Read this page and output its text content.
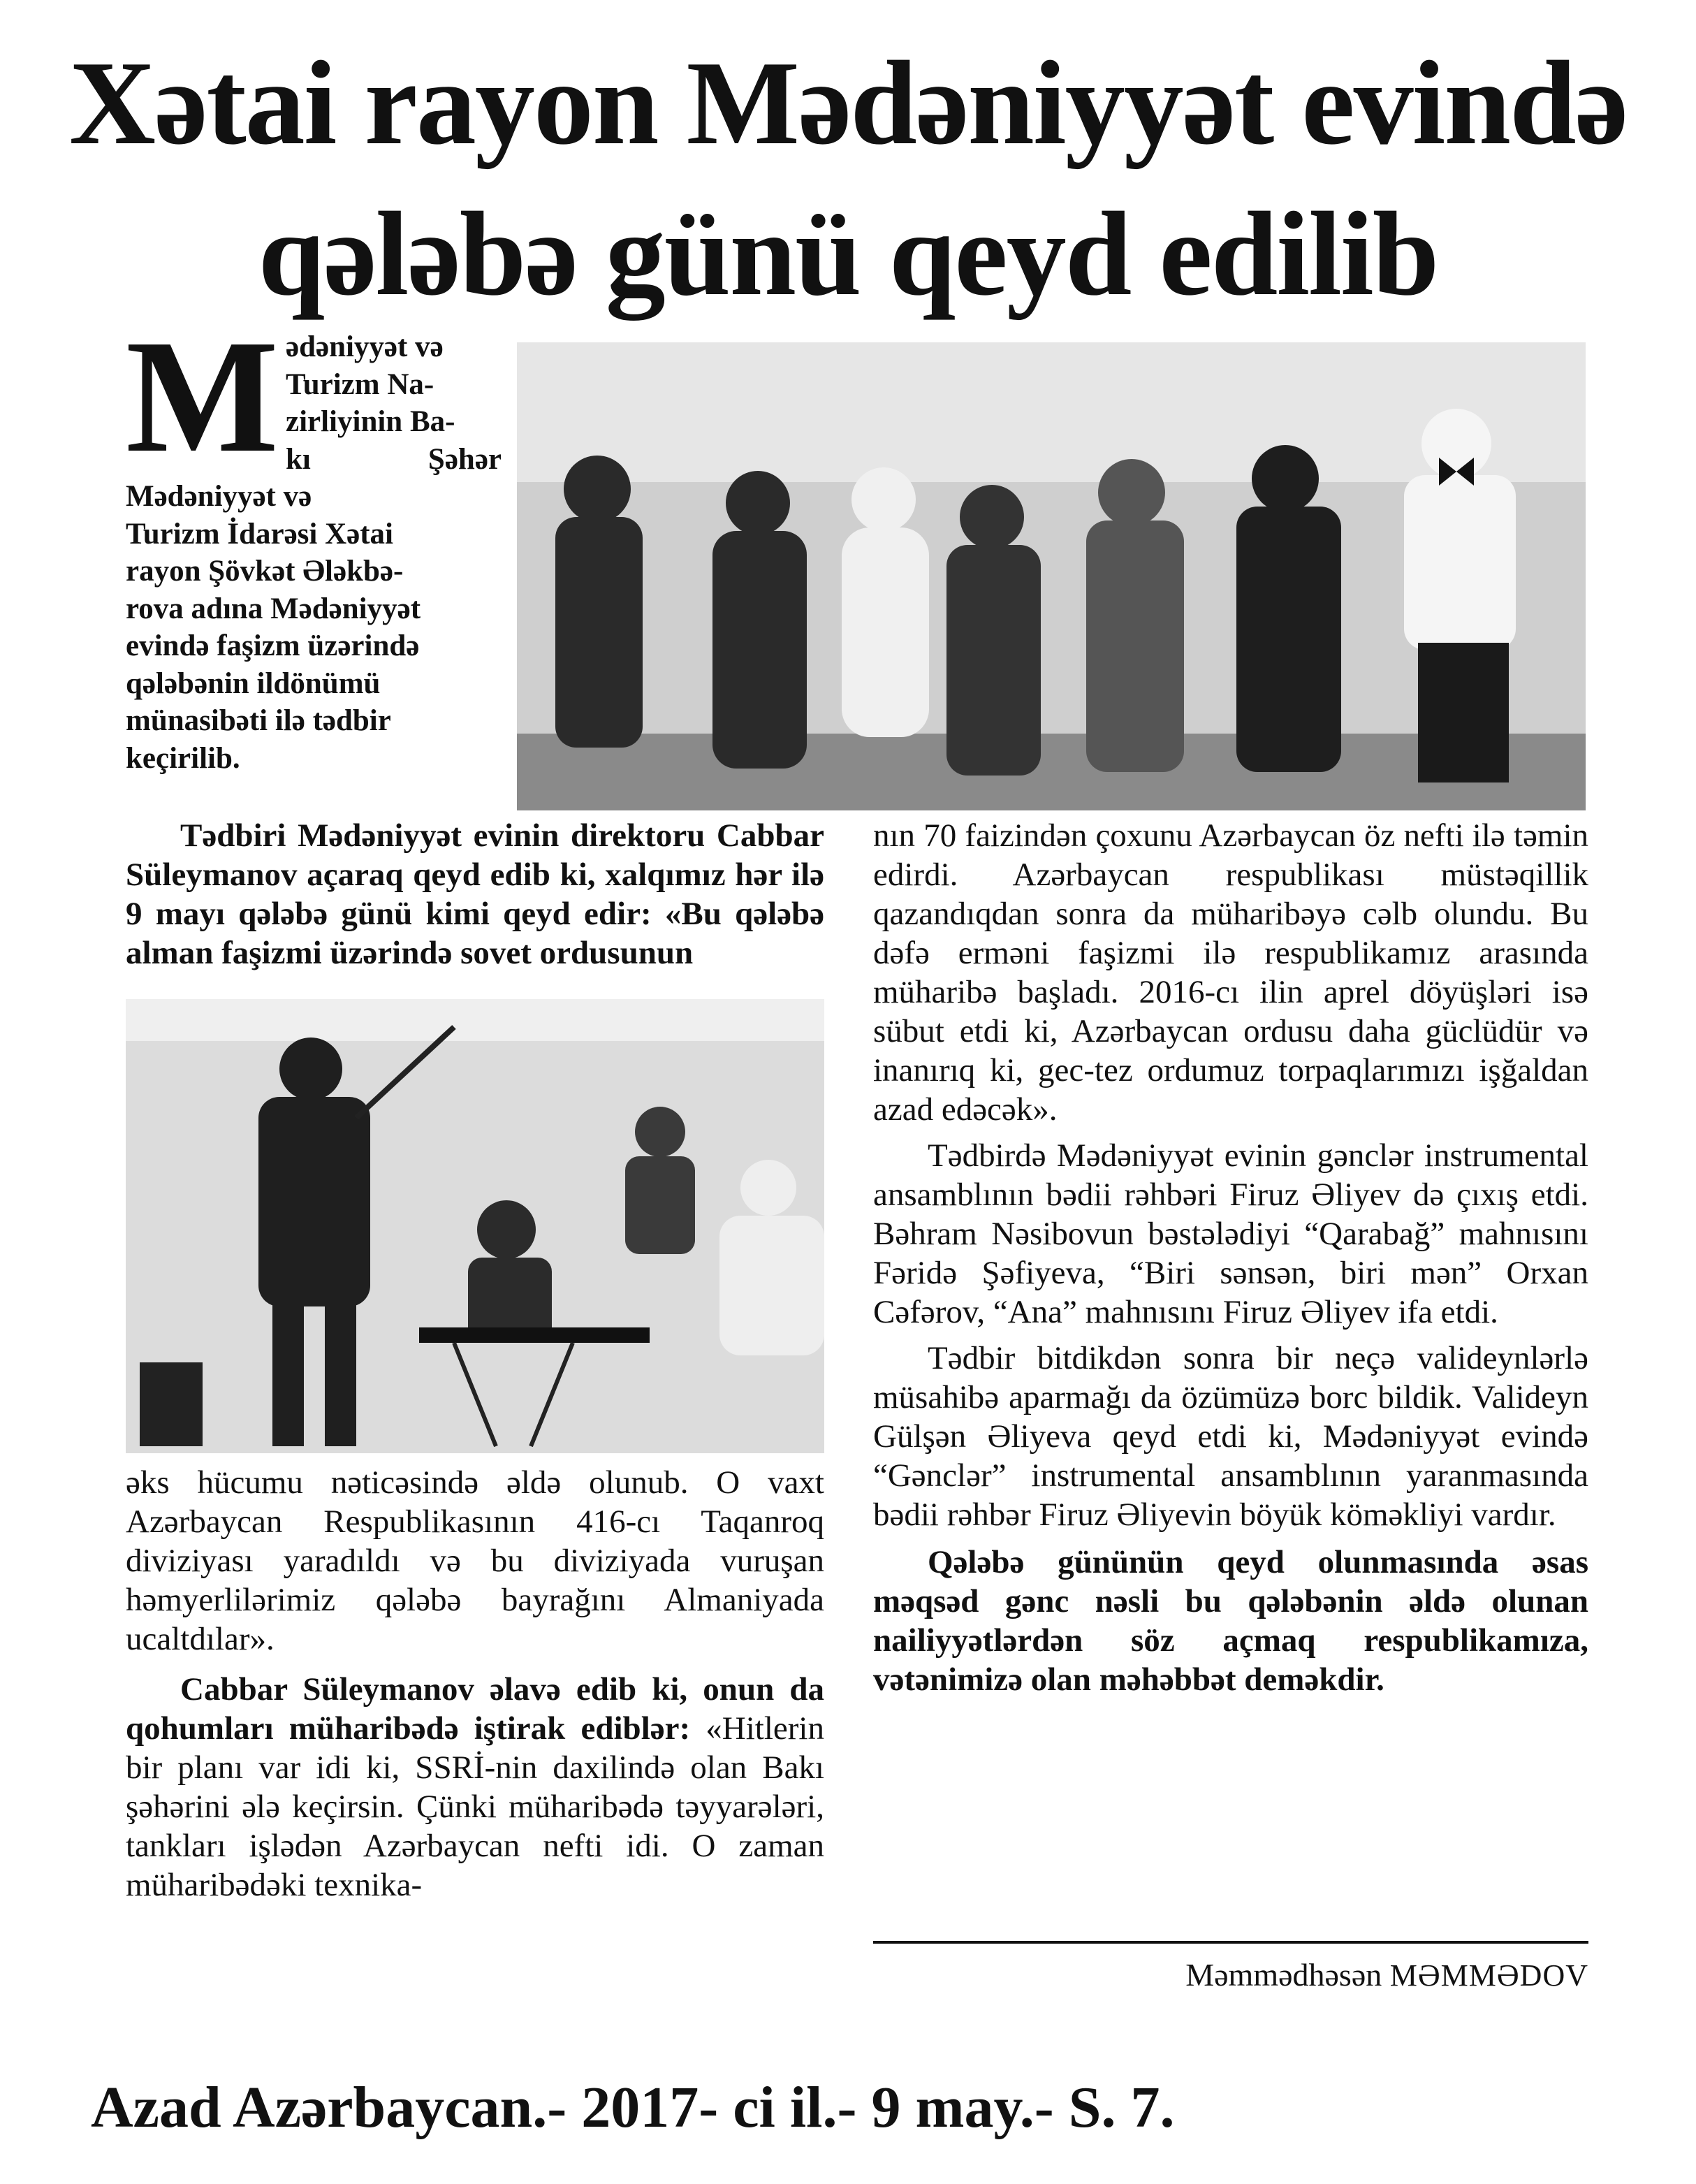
Xətai rayon Mədəniyyət evində
qələbə günü qeyd edilib
M ədəniyyət və
Turizm Na-
zirliyinin Ba-
kı Şəhər Mədəniyyət və
Turizm İdarəsi Xətai
rayon Şövkət Ələkbə-
rova adına Mədəniyyət
evində faşizm üzərində
qələbənin ildönümü
münasibəti ilə tədbir
keçirilib.

Tədbiri Mədəniyyət evinin direktoru Cabbar Süleymanov açaraq qeyd edib ki, xalqımız hər ilə 9 mayı qələbə günü kimi qeyd edir: «Bu qələbə alman faşizmi üzərində sovet ordusunun

əks hücumu nəticəsində əldə olunub. O vaxt Azərbaycan Respublikasının 416-cı Taqanroq diviziyası yaradıldı və bu diviziyada vuruşan həmyerlilərimiz qələbə bayrağını Almaniyada ucaltdılar».

Cabbar Süleymanov əlavə edib ki, onun da qohumları müharibədə iştirak ediblər: «Hitlerin bir planı var idi ki, SSRİ-nin daxilində olan Bakı şəhərini ələ keçirsin. Çünki müharibədə təyyarələri, tankları işlədən Azərbaycan nefti idi. O zaman müharibədəki texnika-

nın 70 faizindən çoxunu Azərbaycan öz nefti ilə təmin edirdi. Azərbaycan respublikası müstəqillik qazandıqdan sonra da müharibəyə cəlb olundu. Bu dəfə erməni faşizmi ilə respublikamız arasında müharibə başladı. 2016-cı ilin aprel döyüşləri isə sübut etdi ki, Azərbaycan ordusu daha güclüdür və inanırıq ki, gec-tez ordumuz torpaqlarımızı işğaldan azad edəcək».

Tədbirdə Mədəniyyət evinin gənclər instrumental ansamblının bədii rəhbəri Firuz Əliyev də çıxış etdi. Bəhram Nəsibovun bəstələdiyi “Qarabağ” mahnısını Fəridə Şəfiyeva, “Biri sənsən, biri mən” Orxan Cəfərov, “Ana” mahnısını Firuz Əliyev ifa etdi.

Tədbir bitdikdən sonra bir neçə valideynlərlə müsahibə aparmağı da özümüzə borc bildik. Valideyn Gülşən Əliyeva qeyd etdi ki, Mədəniyyət evində “Gənclər” instrumental ansamblının yaranmasında bədii rəhbər Firuz Əliyevin böyük köməkliyi vardır.

Qələbə gününün qeyd olunmasında əsas məqsəd gənc nəsli bu qələbənin əldə olunan nailiyyətlərdən söz açmaq respublikamıza, vətənimizə olan məhəbbət deməkdir.

Məmmədhəsən MƏMMƏDOV
Azad Azərbaycan.- 2017- ci il.- 9 may.- S. 7.
